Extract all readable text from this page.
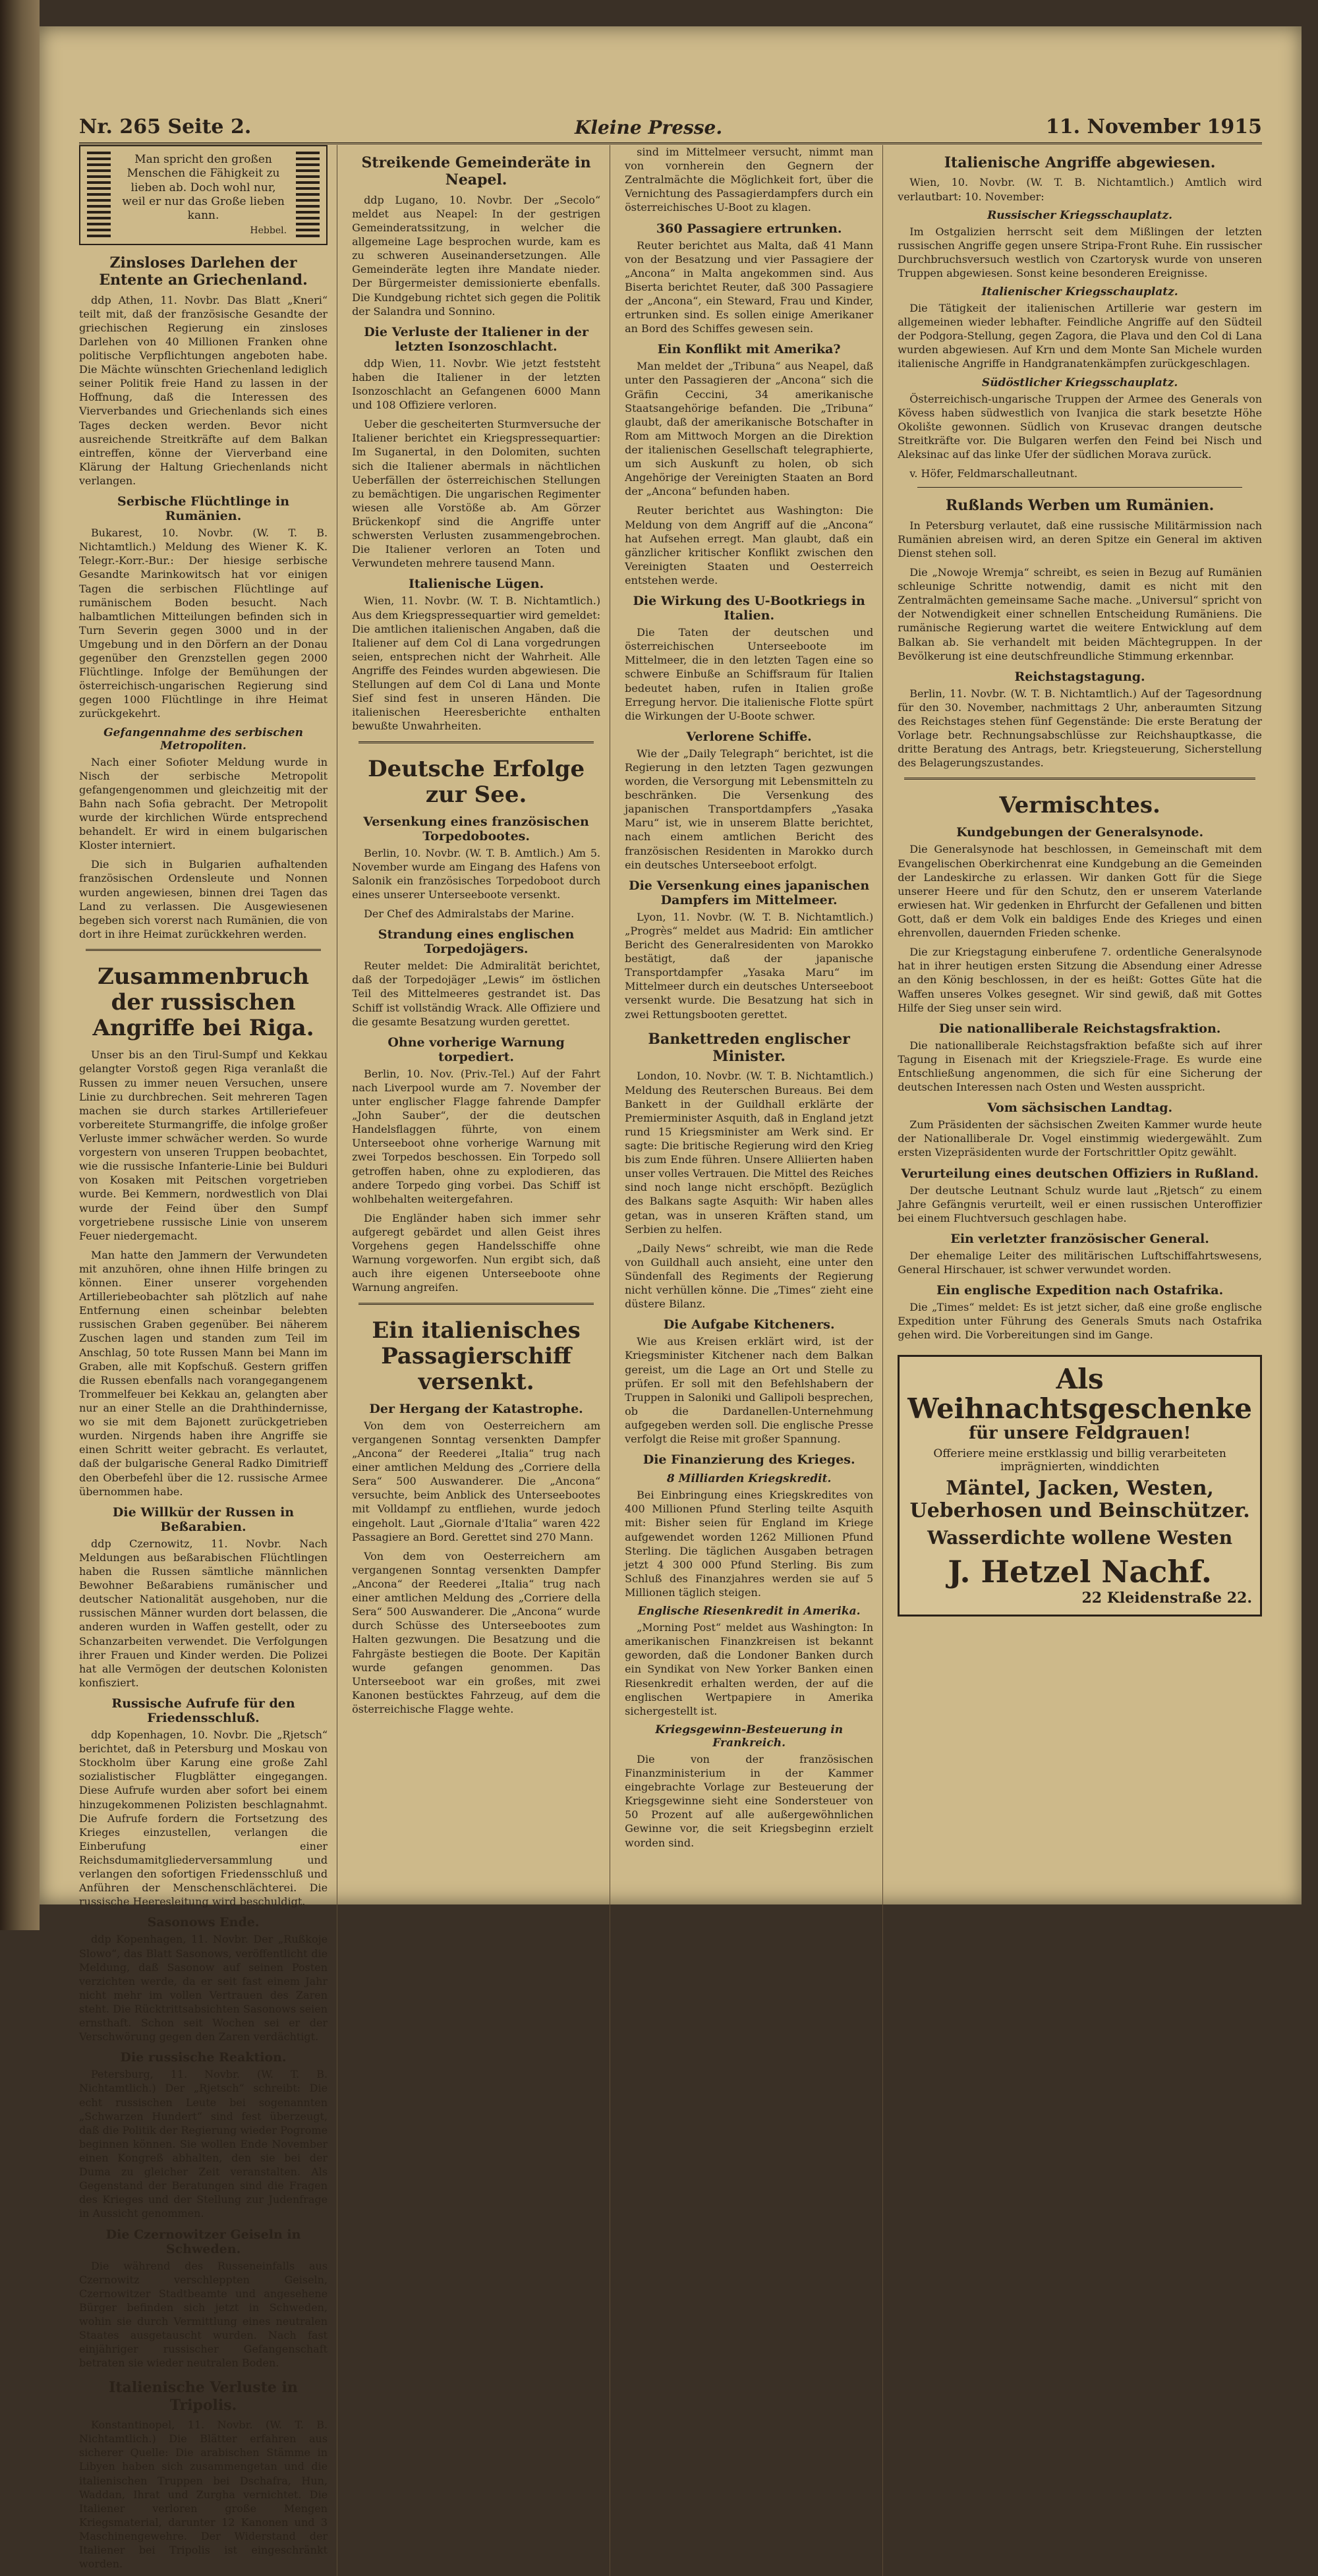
Nr. 265 Seite 2.	Kleine Presse.	11. November 1915
Man spricht den großen Menschen die Fähigkeit zu lieben ab. Doch wohl nur, weil er nur das Große lieben kann.
Hebbel.
Zinsloses Darlehen der Entente an Griechenland.

ddp Athen, 11. Novbr. Das Blatt „Kneri“ teilt mit, daß der französische Gesandte der griechischen Regierung ein zinsloses Darlehen von 40 Millionen Franken ohne politische Verpflichtungen angeboten habe. Die Mächte wünschten Griechenland lediglich seiner Politik freie Hand zu lassen in der Hoffnung, daß die Interessen des Vierverbandes und Griechenlands sich eines Tages decken werden. Bevor nicht ausreichende Streitkräfte auf dem Balkan eintreffen, könne der Vierverband eine Klärung der Haltung Griechenlands nicht verlangen.

Serbische Flüchtlinge in Rumänien.

Bukarest, 10. Novbr. (W. T. B. Nichtamtlich.) Meldung des Wiener K. K. Telegr.-Korr.-Bur.: Der hiesige serbische Gesandte Marinkowitsch hat vor einigen Tagen die serbischen Flüchtlinge auf rumänischem Boden besucht. Nach halbamtlichen Mitteilungen befinden sich in Turn Severin gegen 3000 und in der Umgebung und in den Dörfern an der Donau gegenüber den Grenzstellen gegen 2000 Flüchtlinge. Infolge der Bemühungen der österreichisch-ungarischen Regierung sind gegen 1000 Flüchtlinge in ihre Heimat zurückgekehrt.

Gefangennahme des serbischen Metropoliten.

Nach einer Sofioter Meldung wurde in Nisch der serbische Metropolit gefangengenommen und gleichzeitig mit der Bahn nach Sofia gebracht. Der Metropolit wurde der kirchlichen Würde entsprechend behandelt. Er wird in einem bulgarischen Kloster interniert.

Die sich in Bulgarien aufhaltenden französischen Ordensleute und Nonnen wurden angewiesen, binnen drei Tagen das Land zu verlassen. Die Ausgewiesenen begeben sich vorerst nach Rumänien, die von dort in ihre Heimat zurückkehren werden.

Zusammenbruch der russischen Angriffe bei Riga.

Unser bis an den Tirul-Sumpf und Kekkau gelangter Vorstoß gegen Riga veranlaßt die Russen zu immer neuen Versuchen, unsere Linie zu durchbrechen. Seit mehreren Tagen machen sie durch starkes Artilleriefeuer vorbereitete Sturmangriffe, die infolge großer Verluste immer schwächer werden. So wurde vorgestern von unseren Truppen beobachtet, wie die russische Infanterie-Linie bei Bulduri von Kosaken mit Peitschen vorgetrieben wurde. Bei Kemmern, nordwestlich von Dlai wurde der Feind über den Sumpf vorgetriebene russische Linie von unserem Feuer niedergemacht.

Man hatte den Jammern der Verwundeten mit anzuhören, ohne ihnen Hilfe bringen zu können. Einer unserer vorgehenden Artilleriebeobachter sah plötzlich auf nahe Entfernung einen scheinbar belebten russischen Graben gegenüber. Bei näherem Zuschen lagen und standen zum Teil im Anschlag, 50 tote Russen Mann bei Mann im Graben, alle mit Kopfschuß. Gestern griffen die Russen ebenfalls nach vorangegangenem Trommelfeuer bei Kekkau an, gelangten aber nur an einer Stelle an die Drahthindernisse, wo sie mit dem Bajonett zurückgetrieben wurden. Nirgends haben ihre Angriffe sie einen Schritt weiter gebracht. Es verlautet, daß der bulgarische General Radko Dimitrieff den Oberbefehl über die 12. russische Armee übernommen habe.

Die Willkür der Russen in Beßarabien.

ddp Czernowitz, 11. Novbr. Nach Meldungen aus beßarabischen Flüchtlingen haben die Russen sämtliche männlichen Bewohner Beßarabiens rumänischer und deutscher Nationalität ausgehoben, nur die russischen Männer wurden dort belassen, die anderen wurden in Waffen gestellt, oder zu Schanzarbeiten verwendet. Die Verfolgungen ihrer Frauen und Kinder werden. Die Polizei hat alle Vermögen der deutschen Kolonisten konfisziert.

Russische Aufrufe für den Friedensschluß.

ddp Kopenhagen, 10. Novbr. Die „Rjetsch“ berichtet, daß in Petersburg und Moskau von Stockholm über Karung eine große Zahl sozialistischer Flugblätter eingegangen. Diese Aufrufe wurden aber sofort bei einem hinzugekommenen Polizisten beschlagnahmt. Die Aufrufe fordern die Fortsetzung des Krieges einzustellen, verlangen die Einberufung einer Reichsdumamitgliederversammlung und verlangen den sofortigen Friedensschluß und Anführen der Menschenschlächterei. Die russische Heeresleitung wird beschuldigt.

Sasonows Ende.

ddp Kopenhagen, 11. Novbr. Der „Rußkoje Slowo“, das Blatt Sasonows, veröffentlicht die Meldung, daß Sasonow auf seinen Posten verzichten werde, da er seit fast einem Jahr nicht mehr im vollen Vertrauen des Zaren steht. Die Rücktrittsabsichten Sasonows seien ernsthaft. Schon seit Wochen sei er der Verschwörung gegen den Zaren verdächtigt.

Die russische Reaktion.

Petersburg, 11. Novbr. (W. T. B. Nichtamtlich.) Der „Rjetsch“ schreibt: Die echt russischen Leute bei sogenannten „Schwarzen Hundert“ sind fest überzeugt, daß die Politik der Regierung wieder Pogrome beginnen können. Sie wollen Ende November einen Kongreß abhalten, den sie bei der Duma zu gleicher Zeit veranstalten. Als Gegenstand der Beratungen sind die Fragen des Krieges und der Stellung zur Judenfrage in Aussicht genommen.

Die Czernowitzer Geiseln in Schweden.

Die während des Russeneinfalls aus Czernowitz verschleppten Geiseln, Czernowitzer Stadtbeamte und angesehene Bürger befinden sich jetzt in Schweden, wohin sie durch Vermittlung eines neutralen Staates ausgetauscht wurden. Nach fast einjähriger russischer Gefangenschaft betraten sie wieder neutralen Boden.

Italienische Verluste in Tripolis.

Konstantinopel, 11. Novbr. (W. T. B. Nichtamtlich.) Die Blätter erfahren aus sicherer Quelle: Die arabischen Stämme in Libyen haben sich zusammengetan und die italienischen Truppen bei Dschafra, Hun, Waddan, Ihrat und Zurgha vernichtet. Die Italiener verloren große Mengen Kriegsmaterial, darunter 12 Kanonen und 3 Maschinengewehre. Der Widerstand der Italiener bei Tripolis ist eingeschränkt worden.

Streikende Gemeinderäte in Neapel.

ddp Lugano, 10. Novbr. Der „Secolo“ meldet aus Neapel: In der gestrigen Gemeinderatssitzung, in welcher die allgemeine Lage besprochen wurde, kam es zu schweren Auseinandersetzungen. Alle Gemeinderäte legten ihre Mandate nieder. Der Bürgermeister demissionierte ebenfalls. Die Kundgebung richtet sich gegen die Politik der Salandra und Sonnino.

Die Verluste der Italiener in der letzten Isonzoschlacht.

ddp Wien, 11. Novbr. Wie jetzt feststeht haben die Italiener in der letzten Isonzoschlacht an Gefangenen 6000 Mann und 108 Offiziere verloren.

Ueber die gescheiterten Sturmversuche der Italiener berichtet ein Kriegspressequartier: Im Suganertal, in den Dolomiten, suchten sich die Italiener abermals in nächtlichen Ueberfällen der österreichischen Stellungen zu bemächtigen. Die ungarischen Regimenter wiesen alle Vorstöße ab. Am Görzer Brückenkopf sind die Angriffe unter schwersten Verlusten zusammengebrochen. Die Italiener verloren an Toten und Verwundeten mehrere tausend Mann.

Italienische Lügen.

Wien, 11. Novbr. (W. T. B. Nichtamtlich.) Aus dem Kriegspressequartier wird gemeldet: Die amtlichen italienischen Angaben, daß die Italiener auf dem Col di Lana vorgedrungen seien, entsprechen nicht der Wahrheit. Alle Angriffe des Feindes wurden abgewiesen. Die Stellungen auf dem Col di Lana und Monte Sief sind fest in unseren Händen. Die italienischen Heeresberichte enthalten bewußte Unwahrheiten.

Deutsche Erfolge zur See.
Versenkung eines französischen Torpedobootes.

Berlin, 10. Novbr. (W. T. B. Amtlich.) Am 5. November wurde am Eingang des Hafens von Salonik ein französisches Torpedoboot durch eines unserer Unterseeboote versenkt.

Der Chef des Admiralstabs der Marine.

Strandung eines englischen Torpedojägers.

Reuter meldet: Die Admiralität berichtet, daß der Torpedojäger „Lewis“ im östlichen Teil des Mittelmeeres gestrandet ist. Das Schiff ist vollständig Wrack. Alle Offiziere und die gesamte Besatzung wurden gerettet.

Ohne vorherige Warnung torpediert.

Berlin, 10. Nov. (Priv.-Tel.) Auf der Fahrt nach Liverpool wurde am 7. November der unter englischer Flagge fahrende Dampfer „John Sauber“, der die deutschen Handelsflaggen führte, von einem Unterseeboot ohne vorherige Warnung mit zwei Torpedos beschossen. Ein Torpedo soll getroffen haben, ohne zu explodieren, das andere Torpedo ging vorbei. Das Schiff ist wohlbehalten weitergefahren.

Die Engländer haben sich immer sehr aufgeregt gebärdet und allen Geist ihres Vorgehens gegen Handelsschiffe ohne Warnung vorgeworfen. Nun ergibt sich, daß auch ihre eigenen Unterseeboote ohne Warnung angreifen.

Ein italienisches Passagierschiff versenkt.
Der Hergang der Katastrophe.

Von dem von Oesterreichern am vergangenen Sonntag versenkten Dampfer „Ancona“ der Reederei „Italia“ trug nach einer amtlichen Meldung des „Corriere della Sera“ 500 Auswanderer. Die „Ancona“ versuchte, beim Anblick des Unterseebootes mit Volldampf zu entfliehen, wurde jedoch eingeholt. Laut „Giornale d'Italia“ waren 422 Passagiere an Bord. Gerettet sind 270 Mann.

Von dem von Oesterreichern am vergangenen Sonntag versenkten Dampfer „Ancona“ der Reederei „Italia“ trug nach einer amtlichen Meldung des „Corriere della Sera“ 500 Auswanderer. Die „Ancona“ wurde durch Schüsse des Unterseebootes zum Halten gezwungen. Die Besatzung und die Fahrgäste bestiegen die Boote. Der Kapitän wurde gefangen genommen. Das Unterseeboot war ein großes, mit zwei Kanonen bestücktes Fahrzeug, auf dem die österreichische Flagge wehte.

sind im Mittelmeer versucht, nimmt man von vornherein den Gegnern der Zentralmächte die Möglichkeit fort, über die Vernichtung des Passagierdampfers durch ein österreichisches U-Boot zu klagen.

360 Passagiere ertrunken.

Reuter berichtet aus Malta, daß 41 Mann von der Besatzung und vier Passagiere der „Ancona“ in Malta angekommen sind. Aus Biserta berichtet Reuter, daß 300 Passagiere der „Ancona“, ein Steward, Frau und Kinder, ertrunken sind. Es sollen einige Amerikaner an Bord des Schiffes gewesen sein.

Ein Konflikt mit Amerika?

Man meldet der „Tribuna“ aus Neapel, daß unter den Passagieren der „Ancona“ sich die Gräfin Ceccini, 34 amerikanische Staatsangehörige befanden. Die „Tribuna“ glaubt, daß der amerikanische Botschafter in Rom am Mittwoch Morgen an die Direktion der italienischen Gesellschaft telegraphierte, um sich Auskunft zu holen, ob sich Angehörige der Vereinigten Staaten an Bord der „Ancona“ befunden haben.

Reuter berichtet aus Washington: Die Meldung von dem Angriff auf die „Ancona“ hat Aufsehen erregt. Man glaubt, daß ein gänzlicher kritischer Konflikt zwischen den Vereinigten Staaten und Oesterreich entstehen werde.

Die Wirkung des U-Bootkriegs in Italien.

Die Taten der deutschen und österreichischen Unterseeboote im Mittelmeer, die in den letzten Tagen eine so schwere Einbuße an Schiffsraum für Italien bedeutet haben, rufen in Italien große Erregung hervor. Die italienische Flotte spürt die Wirkungen der U-Boote schwer.

Verlorene Schiffe.

Wie der „Daily Telegraph“ berichtet, ist die Regierung in den letzten Tagen gezwungen worden, die Versorgung mit Lebensmitteln zu beschränken. Die Versenkung des japanischen Transportdampfers „Yasaka Maru“ ist, wie in unserem Blatte berichtet, nach einem amtlichen Bericht des französischen Residenten in Marokko durch ein deutsches Unterseeboot erfolgt.

Die Versenkung eines japanischen Dampfers im Mittelmeer.

Lyon, 11. Novbr. (W. T. B. Nichtamtlich.) „Progrès“ meldet aus Madrid: Ein amtlicher Bericht des Generalresidenten von Marokko bestätigt, daß der japanische Transportdampfer „Yasaka Maru“ im Mittelmeer durch ein deutsches Unterseeboot versenkt wurde. Die Besatzung hat sich in zwei Rettungsbooten gerettet.

Bankettreden englischer Minister.

London, 10. Novbr. (W. T. B. Nichtamtlich.) Meldung des Reuterschen Bureaus. Bei dem Bankett in der Guildhall erklärte der Premierminister Asquith, daß in England jetzt rund 15 Kriegsminister am Werk sind. Er sagte: Die britische Regierung wird den Krieg bis zum Ende führen. Unsere Alliierten haben unser volles Vertrauen. Die Mittel des Reiches sind noch lange nicht erschöpft. Bezüglich des Balkans sagte Asquith: Wir haben alles getan, was in unseren Kräften stand, um Serbien zu helfen.

„Daily News“ schreibt, wie man die Rede von Guildhall auch ansieht, eine unter den Sündenfall des Regiments der Regierung nicht verhüllen könne. Die „Times“ zieht eine düstere Bilanz.

Die Aufgabe Kitcheners.

Wie aus Kreisen erklärt wird, ist der Kriegsminister Kitchener nach dem Balkan gereist, um die Lage an Ort und Stelle zu prüfen. Er soll mit den Befehlshabern der Truppen in Saloniki und Gallipoli besprechen, ob die Dardanellen-Unternehmung aufgegeben werden soll. Die englische Presse verfolgt die Reise mit großer Spannung.

Die Finanzierung des Krieges.
8 Milliarden Kriegskredit.

Bei Einbringung eines Kriegskredites von 400 Millionen Pfund Sterling teilte Asquith mit: Bisher seien für England im Kriege aufgewendet worden 1262 Millionen Pfund Sterling. Die täglichen Ausgaben betragen jetzt 4 300 000 Pfund Sterling. Bis zum Schluß des Finanzjahres werden sie auf 5 Millionen täglich steigen.

Englische Riesenkredit in Amerika.

„Morning Post“ meldet aus Washington: In amerikanischen Finanzkreisen ist bekannt geworden, daß die Londoner Banken durch ein Syndikat von New Yorker Banken einen Riesenkredit erhalten werden, der auf die englischen Wertpapiere in Amerika sichergestellt ist.

Kriegsgewinn-Besteuerung in Frankreich.

Die von der französischen Finanzministerium in der Kammer eingebrachte Vorlage zur Besteuerung der Kriegsgewinne sieht eine Sondersteuer von 50 Prozent auf alle außergewöhnlichen Gewinne vor, die seit Kriegsbeginn erzielt worden sind.

Italienische Angriffe abgewiesen.

Wien, 10. Novbr. (W. T. B. Nichtamtlich.) Amtlich wird verlautbart: 10. November:

Russischer Kriegsschauplatz.

Im Ostgalizien herrscht seit dem Mißlingen der letzten russischen Angriffe gegen unsere Stripa-Front Ruhe. Ein russischer Durchbruchsversuch westlich von Czartorysk wurde von unseren Truppen abgewiesen. Sonst keine besonderen Ereignisse.

Italienischer Kriegsschauplatz.

Die Tätigkeit der italienischen Artillerie war gestern im allgemeinen wieder lebhafter. Feindliche Angriffe auf den Südteil der Podgora-Stellung, gegen Zagora, die Plava und den Col di Lana wurden abgewiesen. Auf Krn und dem Monte San Michele wurden italienische Angriffe in Handgranatenkämpfen zurückgeschlagen.

Südöstlicher Kriegsschauplatz.

Österreichisch-ungarische Truppen der Armee des Generals von Kövess haben südwestlich von Ivanjica die stark besetzte Höhe Okolište gewonnen. Südlich von Krusevac drangen deutsche Streitkräfte vor. Die Bulgaren werfen den Feind bei Nisch und Aleksinac auf das linke Ufer der südlichen Morava zurück.

v. Höfer, Feldmarschalleutnant.

Rußlands Werben um Rumänien.

In Petersburg verlautet, daß eine russische Militärmission nach Rumänien abreisen wird, an deren Spitze ein General im aktiven Dienst stehen soll.

Die „Nowoje Wremja“ schreibt, es seien in Bezug auf Rumänien schleunige Schritte notwendig, damit es nicht mit den Zentralmächten gemeinsame Sache mache. „Universul“ spricht von der Notwendigkeit einer schnellen Entscheidung Rumäniens. Die rumänische Regierung wartet die weitere Entwicklung auf dem Balkan ab. Sie verhandelt mit beiden Mächtegruppen. In der Bevölkerung ist eine deutschfreundliche Stimmung erkennbar.

Reichstagstagung.

Berlin, 11. Novbr. (W. T. B. Nichtamtlich.) Auf der Tagesordnung für den 30. November, nachmittags 2 Uhr, anberaumten Sitzung des Reichstages stehen fünf Gegenstände: Die erste Beratung der Vorlage betr. Rechnungsabschlüsse zur Reichshauptkasse, die dritte Beratung des Antrags, betr. Kriegsteuerung, Sicherstellung des Belagerungszustandes.

Vermischtes.
Kundgebungen der Generalsynode.

Die Generalsynode hat beschlossen, in Gemeinschaft mit dem Evangelischen Oberkirchenrat eine Kundgebung an die Gemeinden der Landeskirche zu erlassen. Wir danken Gott für die Siege unserer Heere und für den Schutz, den er unserem Vaterlande erwiesen hat. Wir gedenken in Ehrfurcht der Gefallenen und bitten Gott, daß er dem Volk ein baldiges Ende des Krieges und einen ehrenvollen, dauernden Frieden schenke.

Die zur Kriegstagung einberufene 7. ordentliche Generalsynode hat in ihrer heutigen ersten Sitzung die Absendung einer Adresse an den König beschlossen, in der es heißt: Gottes Güte hat die Waffen unseres Volkes gesegnet. Wir sind gewiß, daß mit Gottes Hilfe der Sieg unser sein wird.

Die nationalliberale Reichstagsfraktion.

Die nationalliberale Reichstagsfraktion befaßte sich auf ihrer Tagung in Eisenach mit der Kriegsziele-Frage. Es wurde eine Entschließung angenommen, die sich für eine Sicherung der deutschen Interessen nach Osten und Westen ausspricht.

Vom sächsischen Landtag.

Zum Präsidenten der sächsischen Zweiten Kammer wurde heute der Nationalliberale Dr. Vogel einstimmig wiedergewählt. Zum ersten Vizepräsidenten wurde der Fortschrittler Opitz gewählt.

Verurteilung eines deutschen Offiziers in Rußland.

Der deutsche Leutnant Schulz wurde laut „Rjetsch“ zu einem Jahre Gefängnis verurteilt, weil er einen russischen Unteroffizier bei einem Fluchtversuch geschlagen habe.

Ein verletzter französischer General.

Der ehemalige Leiter des militärischen Luftschiffahrtswesens, General Hirschauer, ist schwer verwundet worden.

Ein englische Expedition nach Ostafrika.

Die „Times“ meldet: Es ist jetzt sicher, daß eine große englische Expedition unter Führung des Generals Smuts nach Ostafrika gehen wird. Die Vorbereitungen sind im Gange.

Als Weihnachtsgeschenke
für unsere Feldgrauen!
Offeriere meine erstklassig und billig verarbeiteten
imprägnierten, winddichten
Mäntel, Jacken, Westen, Ueberhosen und Beinschützer.
Wasserdichte wollene Westen
J. Hetzel Nachf.
22 Kleidenstraße 22.
